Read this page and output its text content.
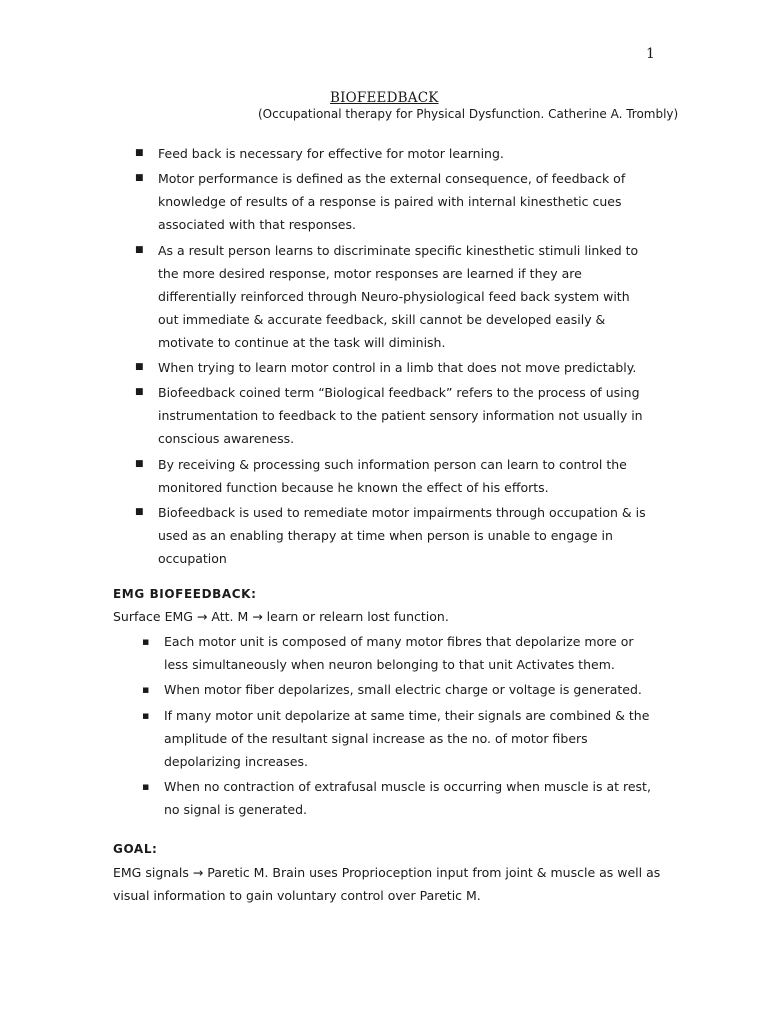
1
BIOFEEDBACK
(Occupational therapy for Physical Dysfunction. Catherine A. Trombly)
■ Feed back is necessary for effective for motor learning.
■ Motor performance is defined as the external consequence, of feedback of knowledge of results of a response is paired with internal kinesthetic cues associated with that responses.
■ As a result person learns to discriminate specific kinesthetic stimuli linked to the more desired response, motor responses are learned if they are differentially reinforced through Neuro-physiological feed back system with out immediate & accurate feedback, skill cannot be developed easily & motivate to continue at the task will diminish.
■ When trying to learn motor control in a limb that does not move predictably.
■ Biofeedback coined term “Biological feedback” refers to the process of using instrumentation to feedback to the patient sensory information not usually in conscious awareness.
■ By receiving & processing such information person can learn to control the monitored function because he known the effect of his efforts.
■ Biofeedback is used to remediate motor impairments through occupation & is used as an enabling therapy at time when person is unable to engage in occupation
EMG BIOFEEDBACK:
Surface EMG → Att. M → learn or relearn lost function.
▪ Each motor unit is composed of many motor fibres that depolarize more or less simultaneously when neuron belonging to that unit Activates them.
▪ When motor fiber depolarizes, small electric charge or voltage is generated.
▪ If many motor unit depolarize at same time, their signals are combined & the amplitude of the resultant signal increase as the no. of motor fibers depolarizing increases.
▪ When no contraction of extrafusal muscle is occurring when muscle is at rest, no signal is generated.
GOAL:
EMG signals → Paretic M. Brain uses Proprioception input from joint & muscle as well as visual information to gain voluntary control over Paretic M.
